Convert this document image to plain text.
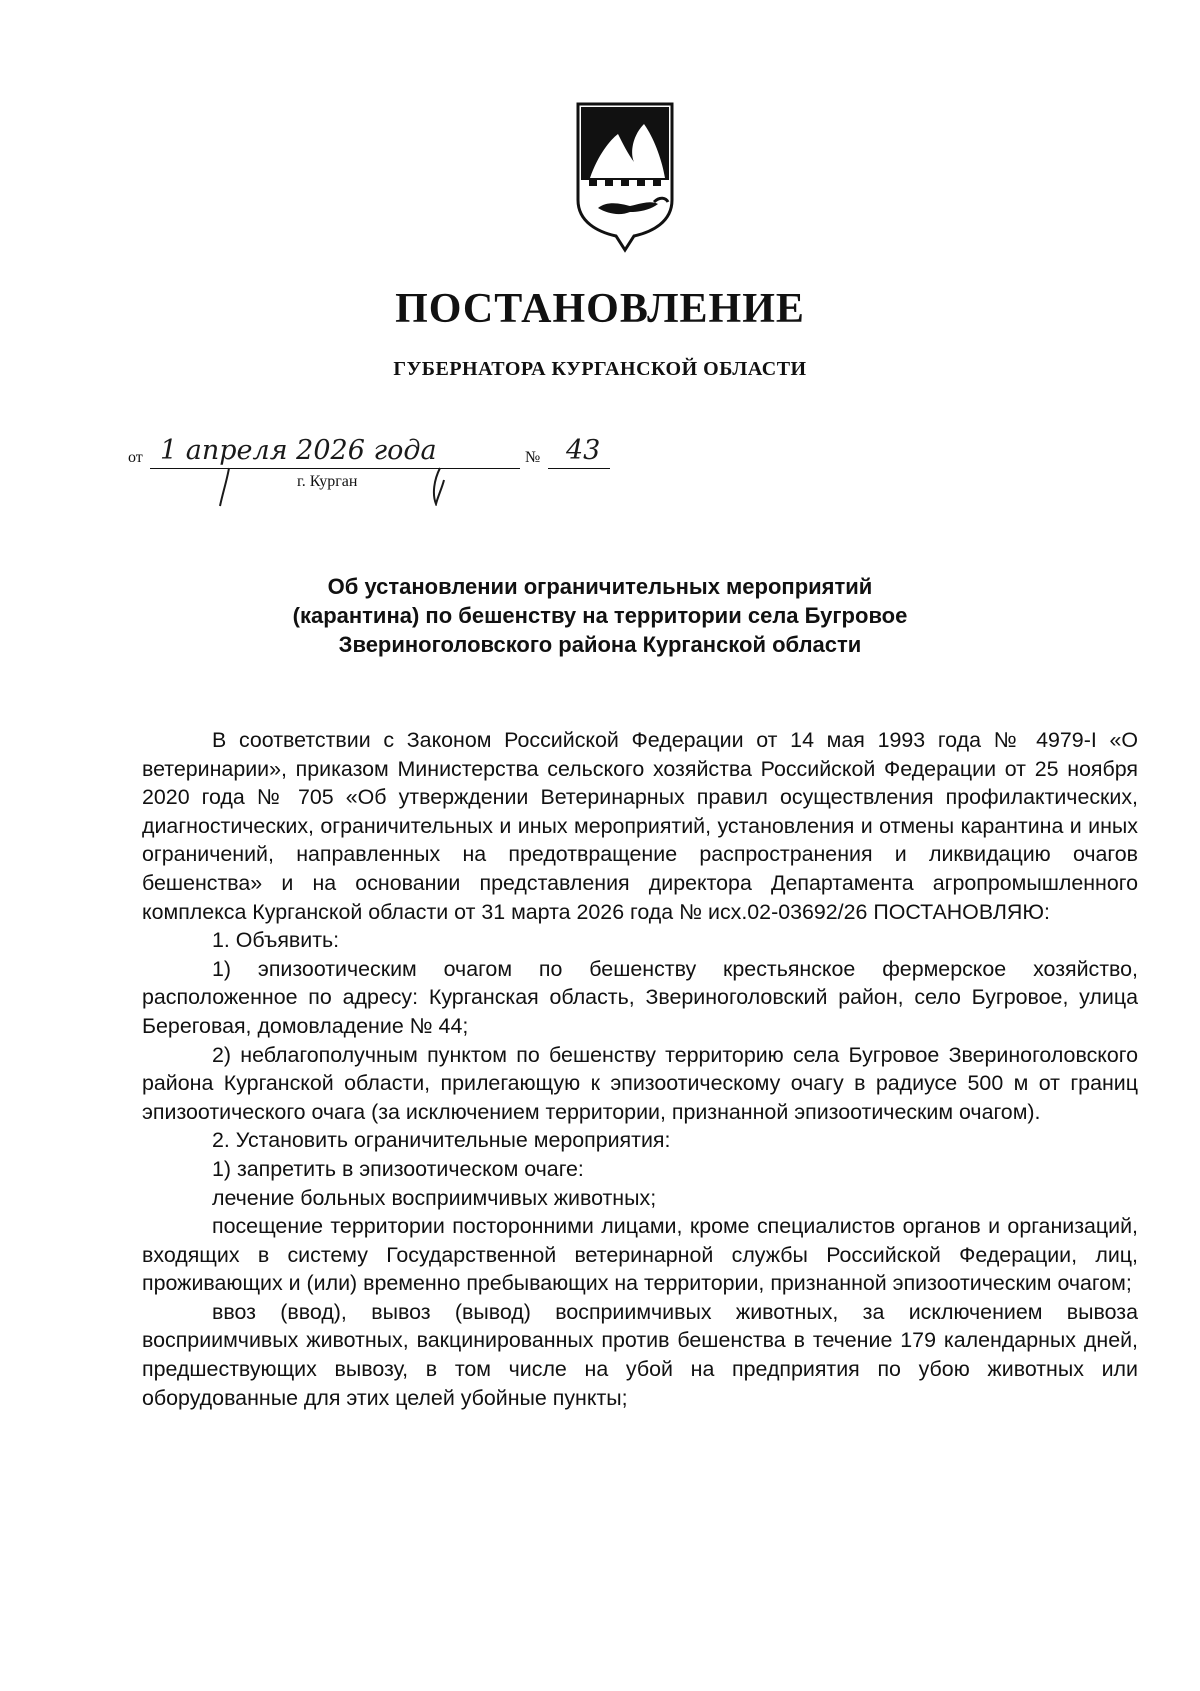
ПОСТАНОВЛЕНИЕ
ГУБЕРНАТОРА КУРГАНСКОЙ ОБЛАСТИ
от 1 апреля 2026 года	№ 43
г. Курган
Об установлении ограничительных мероприятий
(карантина) по бешенству на территории села Бугровое
Звериноголовского района Курганской области

В соответствии с Законом Российской Федерации от 14 мая 1993 года № 4979-I «О ветеринарии», приказом Министерства сельского хозяйства Российской Федерации от 25 ноября 2020 года № 705 «Об утверждении Ветеринарных правил осуществления профилактических, диагностических, ограничительных и иных мероприятий, установления и отмены карантина и иных ограничений, направленных на предотвращение распространения и ликвидацию очагов бешенства» и на основании представления директора Департамента агропромышленного комплекса Курганской области от 31 марта 2026 года № исх.02-03692/26 ПОСТАНОВЛЯЮ:

1. Объявить:

1) эпизоотическим очагом по бешенству крестьянское фермерское хозяйство, расположенное по адресу: Курганская область, Звериноголовский район, село Бугровое, улица Береговая, домовладение № 44;

2) неблагополучным пунктом по бешенству территорию села Бугровое Звериноголовского района Курганской области, прилегающую к эпизоотическому очагу в радиусе 500 м от границ эпизоотического очага (за исключением территории, признанной эпизоотическим очагом).

2. Установить ограничительные мероприятия:

1) запретить в эпизоотическом очаге:

лечение больных восприимчивых животных;

посещение территории посторонними лицами, кроме специалистов органов и организаций, входящих в систему Государственной ветеринарной службы Российской Федерации, лиц, проживающих и (или) временно пребывающих на территории, признанной эпизоотическим очагом;

ввоз (ввод), вывоз (вывод) восприимчивых животных, за исключением вывоза восприимчивых животных, вакцинированных против бешенства в течение 179 календарных дней, предшествующих вывозу, в том числе на убой на предприятия по убою животных или оборудованные для этих целей убойные пункты;
